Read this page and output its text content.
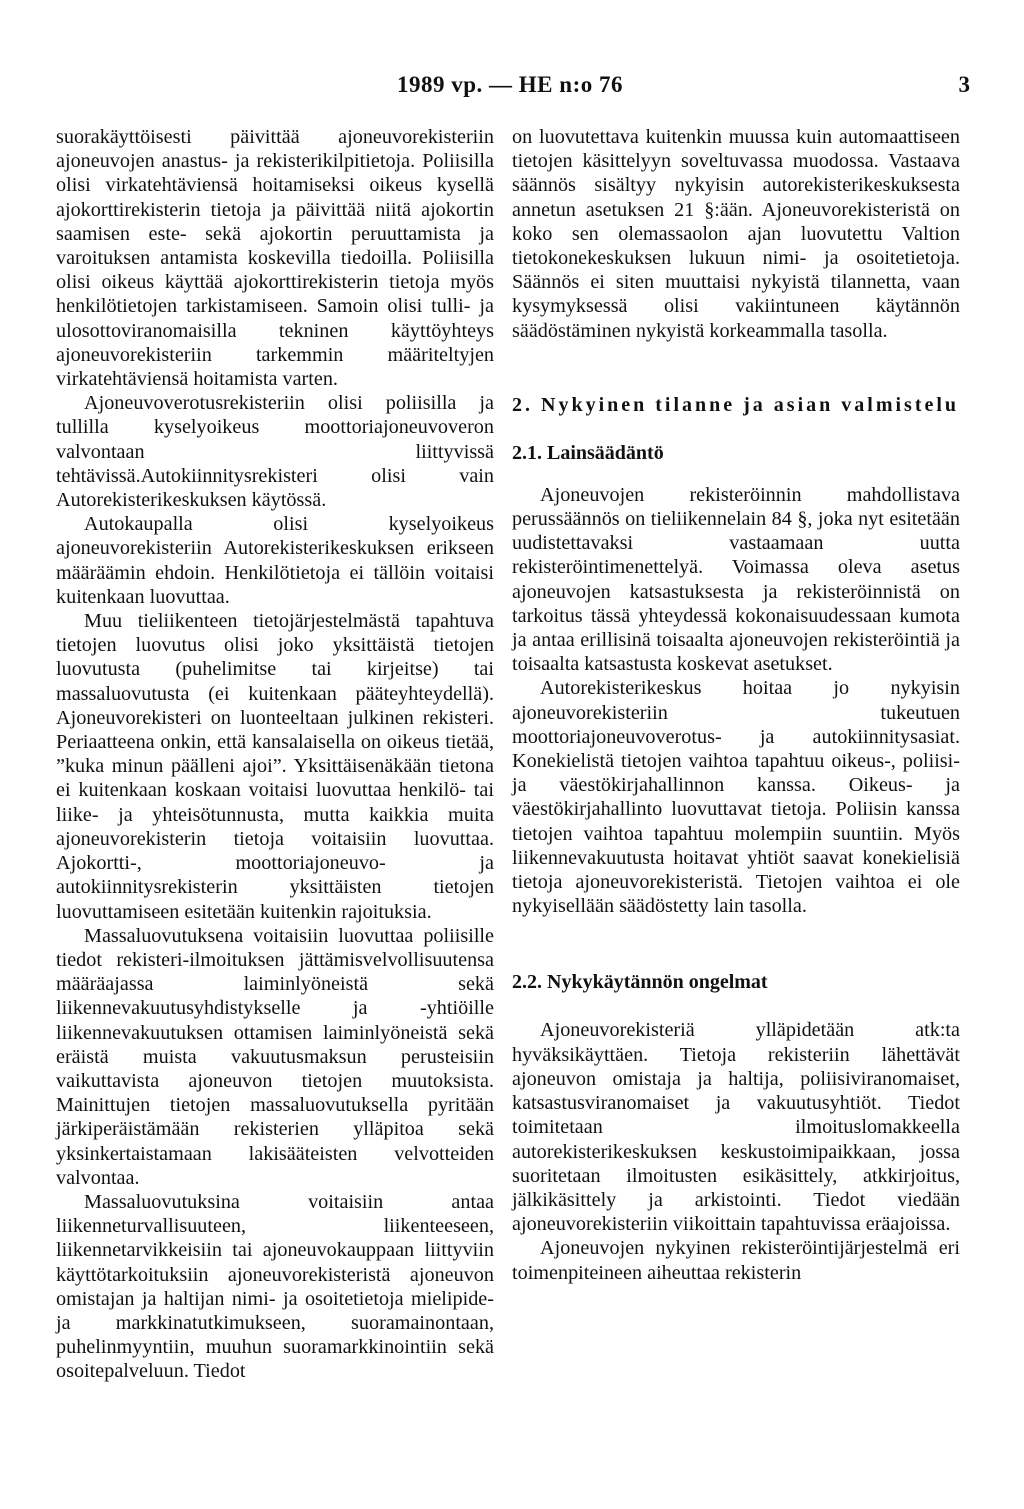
1989 vp. — HE n:o 76	3

suorakäyttöisesti päivittää ajoneuvorekisteriin ajoneuvojen anastus- ja rekisterikilpitietoja. Poliisilla olisi virkatehtäviensä hoitamiseksi oikeus kysellä ajokorttirekisterin tietoja ja päivittää niitä ajokortin saamisen este- sekä ajokortin peruuttamista ja varoituksen antamista koskevilla tiedoilla. Poliisilla olisi oikeus käyttää ajokorttirekisterin tietoja myös henkilötietojen tarkistamiseen. Samoin olisi tulli- ja ulosottoviranomaisilla tekninen käyttöyhteys ajoneuvorekisteriin tarkemmin määriteltyjen virkatehtäviensä hoitamista varten.

Ajoneuvoverotusrekisteriin olisi poliisilla ja tullilla kyselyoikeus moottoriajoneuvoveron valvontaan liittyvissä tehtävissä.Autokiinnitysrekisteri olisi vain Autorekisterikeskuksen käytössä.

Autokaupalla olisi kyselyoikeus ajoneuvorekisteriin Autorekisterikeskuksen erikseen määräämin ehdoin. Henkilötietoja ei tällöin voitaisi kuitenkaan luovuttaa.

Muu tieliikenteen tietojärjestelmästä tapahtuva tietojen luovutus olisi joko yksittäistä tietojen luovutusta (puhelimitse tai kirjeitse) tai massaluovutusta (ei kuitenkaan pääteyhteydellä). Ajoneuvorekisteri on luonteeltaan julkinen rekisteri. Periaatteena onkin, että kansalaisella on oikeus tietää, ”kuka minun päälleni ajoi”. Yksittäisenäkään tietona ei kuitenkaan koskaan voitaisi luovuttaa henkilö- tai liike- ja yhteisötunnusta, mutta kaikkia muita ajoneuvorekisterin tietoja voitaisiin luovuttaa. Ajokortti-, moottoriajoneuvo- ja autokiinnitysrekisterin yksittäisten tietojen luovuttamiseen esitetään kuitenkin rajoituksia.

Massaluovutuksena voitaisiin luovuttaa poliisille tiedot rekisteri-ilmoituksen jättämisvelvollisuutensa määräajassa laiminlyöneistä sekä liikennevakuutusyhdistykselle ja -yhtiöille liikennevakuutuksen ottamisen laiminlyöneistä sekä eräistä muista vakuutusmaksun perusteisiin vaikuttavista ajoneuvon tietojen muutoksista. Mainittujen tietojen massaluovutuksella pyritään järkiperäistämään rekisterien ylläpitoa sekä yksinkertaistamaan lakisääteisten velvotteiden valvontaa.

Massaluovutuksina voitaisiin antaa liikenneturvallisuuteen, liikenteeseen, liikennetarvikkeisiin tai ajoneuvokauppaan liittyviin käyttötarkoituksiin ajoneuvorekisteristä ajoneuvon omistajan ja haltijan nimi- ja osoitetietoja mielipide- ja markkinatutkimukseen, suoramainontaan, puhelinmyyntiin, muuhun suoramarkkinointiin sekä osoitepalveluun. Tiedot

on luovutettava kuitenkin muussa kuin automaattiseen tietojen käsittelyyn soveltuvassa muodossa. Vastaava säännös sisältyy nykyisin autorekisterikeskuksesta annetun asetuksen 21 §:ään. Ajoneuvorekisteristä on koko sen olemassaolon ajan luovutettu Valtion tietokonekeskuksen lukuun nimi- ja osoitetietoja. Säännös ei siten muuttaisi nykyistä tilannetta, vaan kysymyksessä olisi vakiintuneen käytännön säädöstäminen nykyistä korkeammalla tasolla.

2. Nykyinen tilanne ja asian valmistelu
2.1. Lainsäädäntö

Ajoneuvojen rekisteröinnin mahdollistava perussäännös on tieliikennelain 84 §, joka nyt esitetään uudistettavaksi vastaamaan uutta rekisteröintimenettelyä. Voimassa oleva asetus ajoneuvojen katsastuksesta ja rekisteröinnistä on tarkoitus tässä yhteydessä kokonaisuudessaan kumota ja antaa erillisinä toisaalta ajoneuvojen rekisteröintiä ja toisaalta katsastusta koskevat asetukset.

Autorekisterikeskus hoitaa jo nykyisin ajoneuvorekisteriin tukeutuen moottoriajoneuvoverotus- ja autokiinnitysasiat. Konekielistä tietojen vaihtoa tapahtuu oikeus-, poliisi- ja väestökirjahallinnon kanssa. Oikeus- ja väestökirjahallinto luovuttavat tietoja. Poliisin kanssa tietojen vaihtoa tapahtuu molempiin suuntiin. Myös liikennevakuutusta hoitavat yhtiöt saavat konekielisiä tietoja ajoneuvorekisteristä. Tietojen vaihtoa ei ole nykyisellään säädöstetty lain tasolla.

2.2. Nykykäytännön ongelmat

Ajoneuvorekisteriä ylläpidetään atk:ta hyväksikäyttäen. Tietoja rekisteriin lähettävät ajoneuvon omistaja ja haltija, poliisiviranomaiset, katsastusviranomaiset ja vakuutusyhtiöt. Tiedot toimitetaan ilmoituslomakkeella autorekisterikeskuksen keskustoimipaikkaan, jossa suoritetaan ilmoitusten esikäsittely, atkkirjoitus, jälkikäsittely ja arkistointi. Tiedot viedään ajoneuvorekisteriin viikoittain tapahtuvissa eräajoissa.

Ajoneuvojen nykyinen rekisteröintijärjestelmä eri toimenpiteineen aiheuttaa rekisterin
